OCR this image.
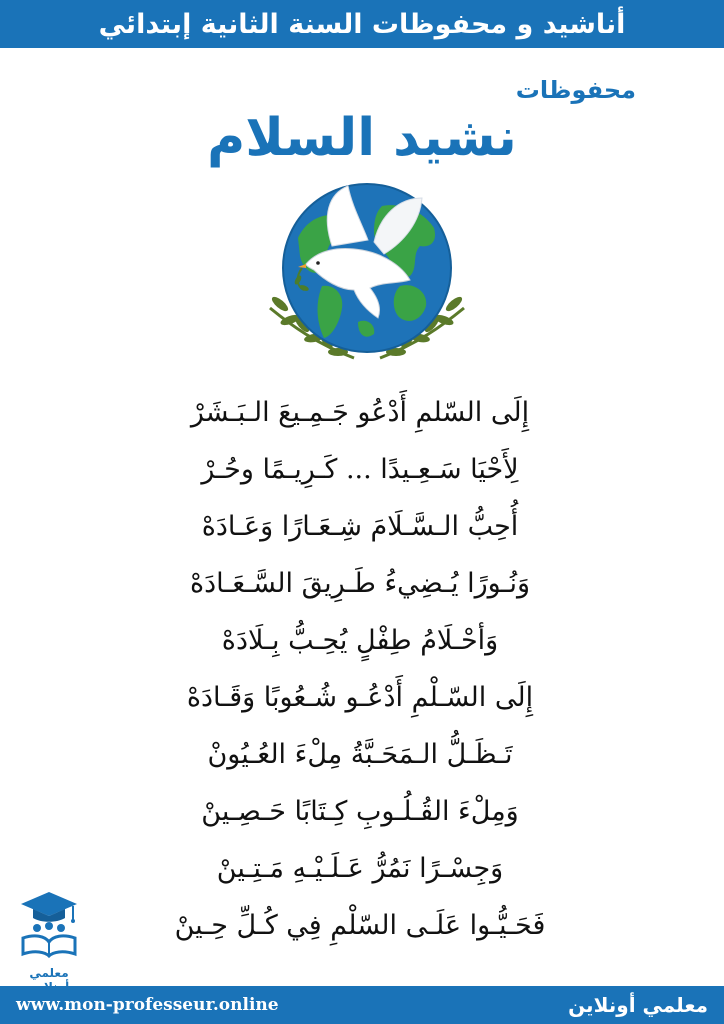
أناشيد و محفوظات السنة الثانية إبتدائي
محفوظات
نشيد السلام
إِلَى السّلمِ أَدْعُو جَـمِـيعَ الـبَـشَرْ
لِأَحْيَا سَـعِـيدًا ... كَـرِيـمًا وحُـرْ
أُحِبُّ الـسَّـلَامَ شِـعَـارًا وَعَـادَهْ
وَنُـورًا يُـضِيءُ طَـرِيقَ السَّـعَـادَهْ
وَأحْـلَامُ طِفْلٍ يُحِـبُّ بِـلَادَهْ
إِلَى السّـلْمِ أَدْعُـو شُـعُوبًا وَقَـادَهْ
تَـظَـلُّ الـمَحَـبَّةُ مِلْءَ العُـيُونْ
وَمِلْءَ القُـلُـوبِ كِـتَابًا حَـصِـينْ
وَجِسْـرًا نَمُرُّ عَـلَـيْـهِ مَـتِـينْ
فَحَـيُّـوا عَلَـى السّلْمِ فِي كُـلِّ حِـينْ
معلمي
www.mon-professeur.online	معلمي أونلاين
